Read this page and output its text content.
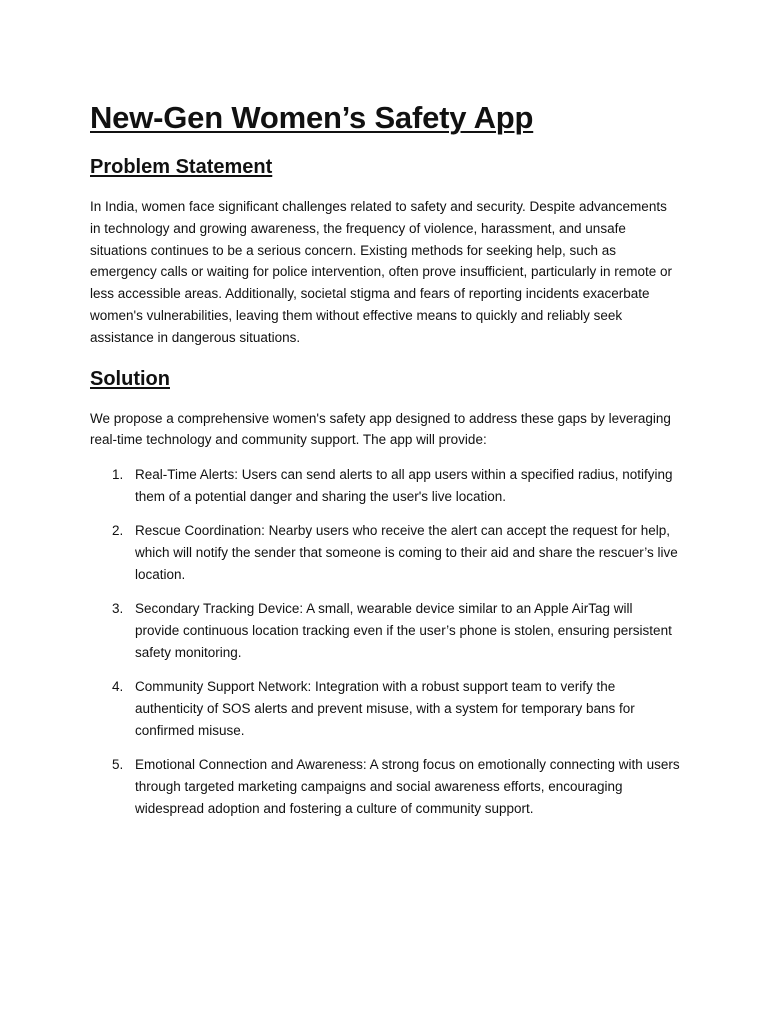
New-Gen Women’s Safety App
Problem Statement

In India, women face significant challenges related to safety and security. Despite advancements in technology and growing awareness, the frequency of violence, harassment, and unsafe situations continues to be a serious concern. Existing methods for seeking help, such as emergency calls or waiting for police intervention, often prove insufficient, particularly in remote or less accessible areas. Additionally, societal stigma and fears of reporting incidents exacerbate women's vulnerabilities, leaving them without effective means to quickly and reliably seek assistance in dangerous situations.

Solution

We propose a comprehensive women's safety app designed to address these gaps by leveraging real-time technology and community support. The app will provide:

1. Real-Time Alerts: Users can send alerts to all app users within a specified radius, notifying them of a potential danger and sharing the user's live location.
2. Rescue Coordination: Nearby users who receive the alert can accept the request for help, which will notify the sender that someone is coming to their aid and share the rescuer’s live location.
3. Secondary Tracking Device: A small, wearable device similar to an Apple AirTag will provide continuous location tracking even if the user’s phone is stolen, ensuring persistent safety monitoring.
4. Community Support Network: Integration with a robust support team to verify the authenticity of SOS alerts and prevent misuse, with a system for temporary bans for confirmed misuse.
5. Emotional Connection and Awareness: A strong focus on emotionally connecting with users through targeted marketing campaigns and social awareness efforts, encouraging widespread adoption and fostering a culture of community support.
